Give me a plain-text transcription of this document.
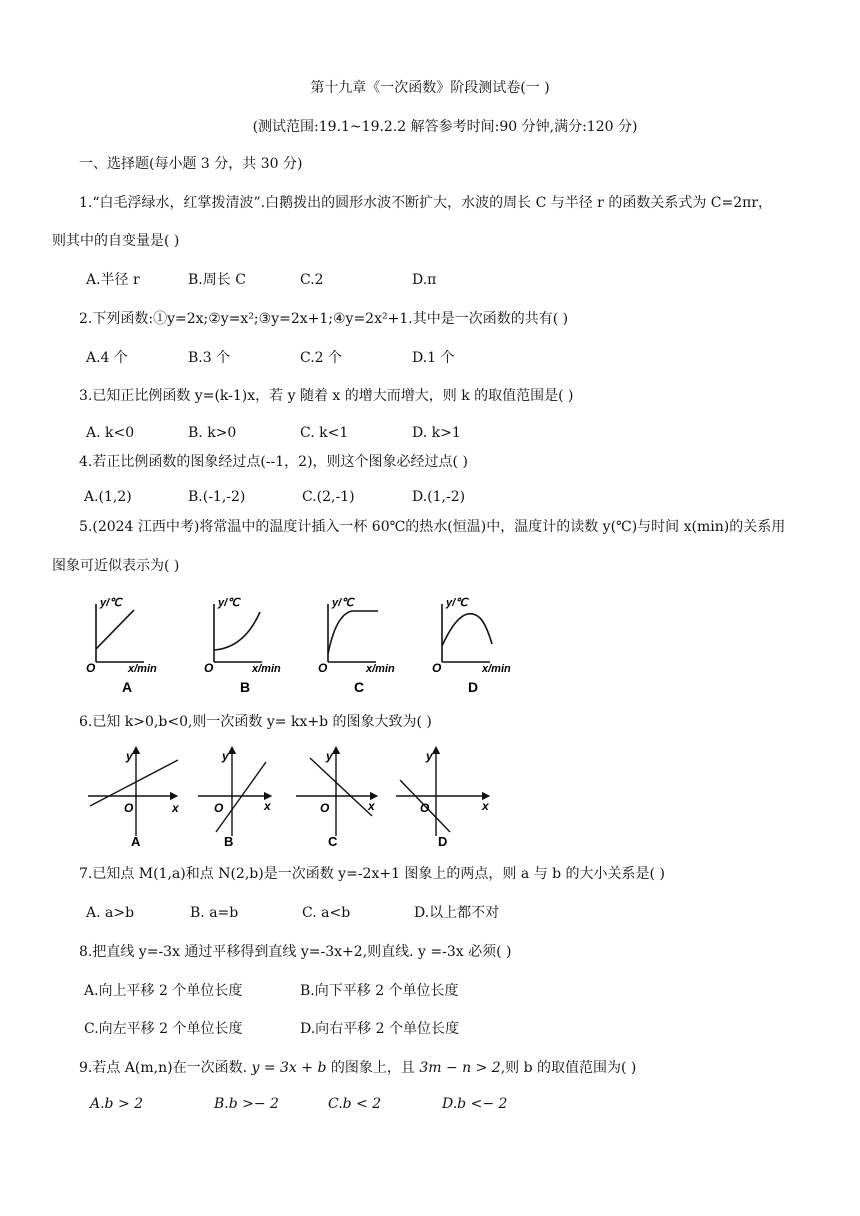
第十九章《一次函数》阶段测试卷(一 )
(测试范围:19.1~19.2.2 解答参考时间:90 分钟,满分:120 分)
一、选择题(每小题 3 分，共 30 分)
1.“白毛浮绿水，红掌拨清波”.白鹅拨出的圆形水波不断扩大，水波的周长 C 与半径 r 的函数关系式为 C=2πr，
则其中的自变量是( )
A.半径 r	B.周长 C	C.2	D.π
2.下列函数:①y=2x;②y=x²;③y=2x+1;④y=2x²+1.其中是一次函数的共有( )
A.4 个	B.3 个	C.2 个	D.1 个
3.已知正比例函数 y=(k-1)x，若 y 随着 x 的增大而增大，则 k 的取值范围是( )
A. k<0	B. k>0	C. k<1	D. k>1
4.若正比例函数的图象经过点(--1，2)，则这个图象必经过点( )
A.(1,2)	B.(-1,-2)	C.(2,-1)	D.(1,-2)
5.(2024 江西中考)将常温中的温度计插入一杯 60℃的热水(恒温)中，温度计的读数 y(℃)与时间 x(min)的关系用
图象可近似表示为( )
y/℃
x/min
O
A
y/℃
x/min
O
B
y/℃
x/min
O
C
y/℃
x/min
O
D
6.已知 k>0,b<0,则一次函数 y= kx+b 的图象大致为( )
y
x
O
A
y
x
O
B
y
x
O
C
y
x
O
D
7.已知点 M(1,a)和点 N(2,b)是一次函数 y=-2x+1 图象上的两点，则 a 与 b 的大小关系是( )
A. a>b	B. a=b	C. a<b	D.以上都不对
8.把直线 y=-3x 通过平移得到直线 y=-3x+2,则直线. y =-3x 必须( )
A.向上平移 2 个单位长度	B.向下平移 2 个单位长度
C.向左平移 2 个单位长度	D.向右平移 2 个单位长度
9.若点 A(m,n)在一次函数. y = 3x + b 的图象上，且 3m − n > 2,则 b 的取值范围为( )
A.b > 2	B.b >− 2	C.b < 2	D.b <− 2
